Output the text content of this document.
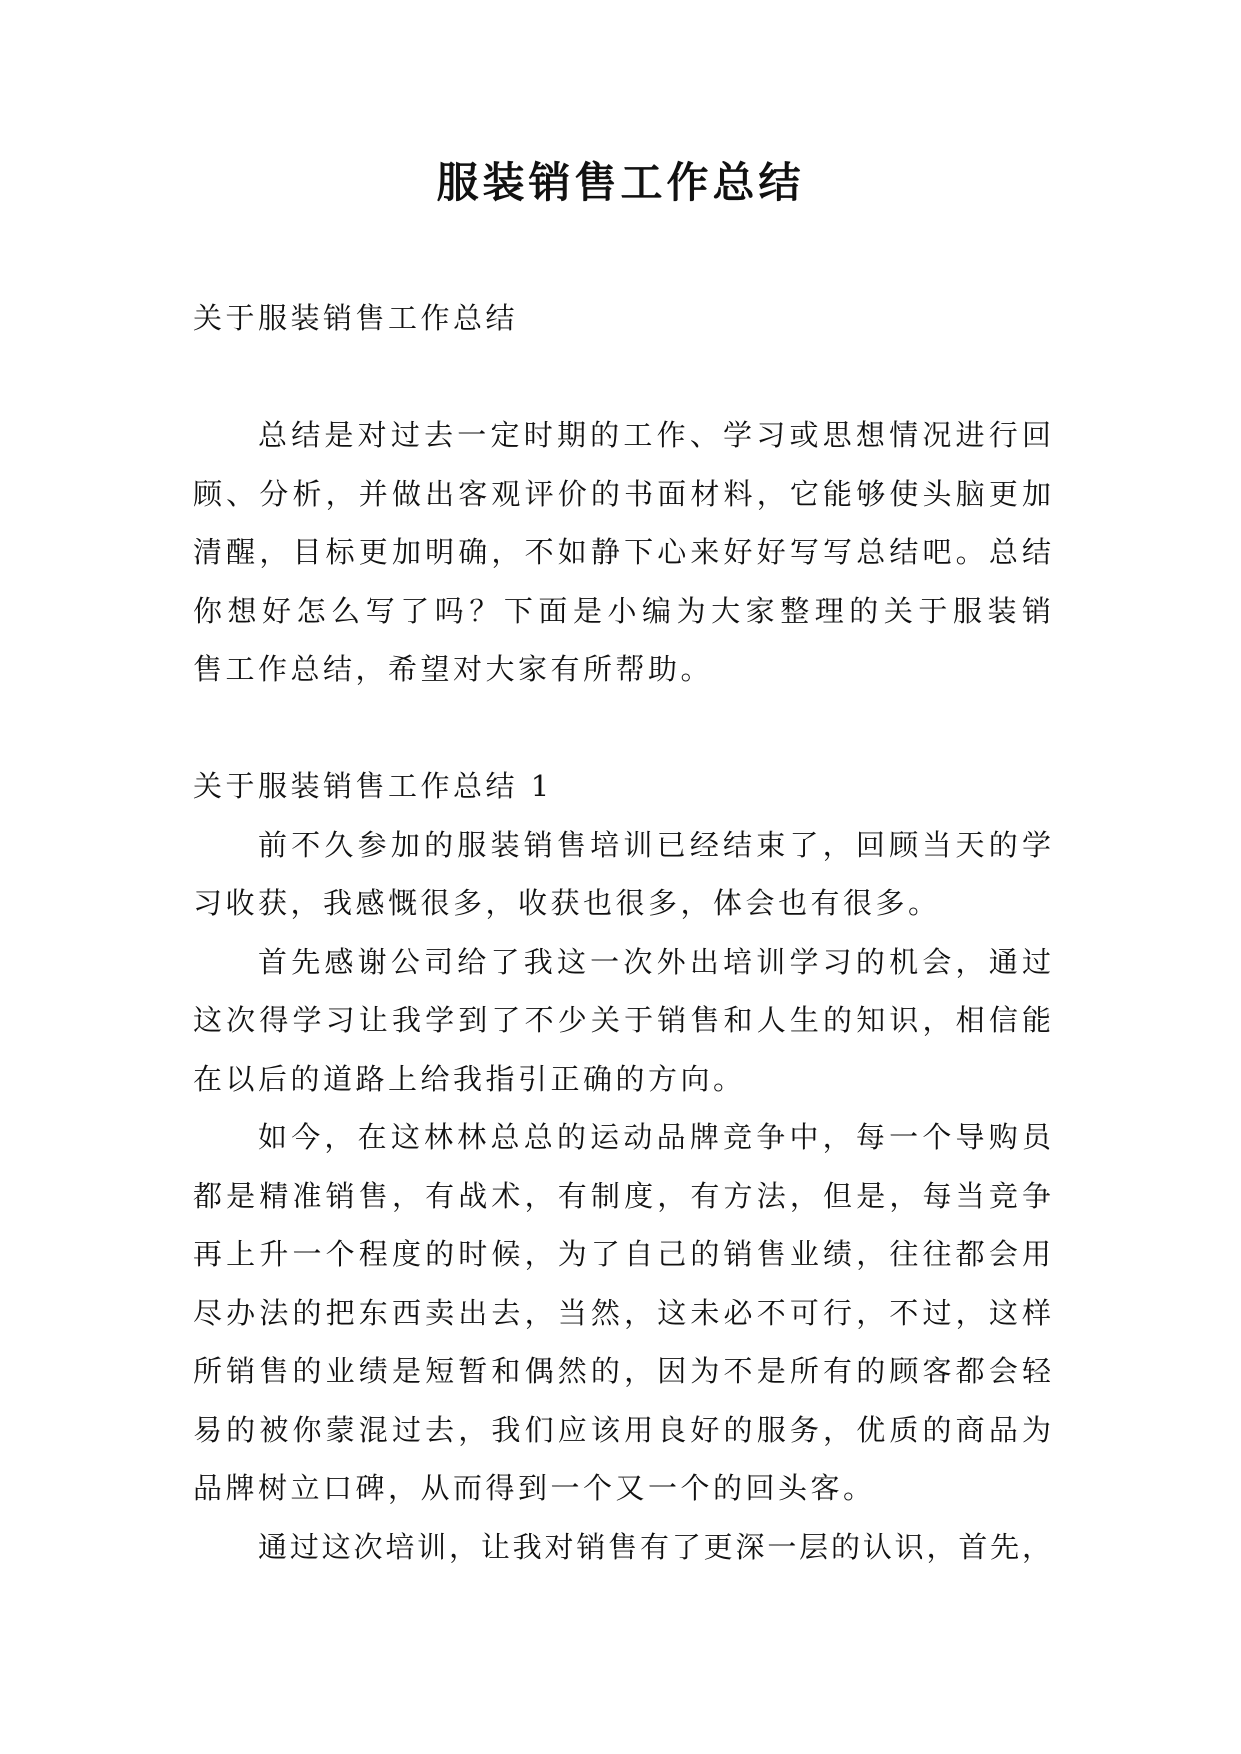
服装销售工作总结
关于服装销售工作总结
总结是对过去一定时期的工作、学习或思想情况进行回
顾、分析，并做出客观评价的书面材料，它能够使头脑更加
清醒，目标更加明确，不如静下心来好好写写总结吧。总结
你想好怎么写了吗？下面是小编为大家整理的关于服装销
售工作总结，希望对大家有所帮助。
关于服装销售工作总结 1
前不久参加的服装销售培训已经结束了，回顾当天的学
习收获，我感慨很多，收获也很多，体会也有很多。
首先感谢公司给了我这一次外出培训学习的机会，通过
这次得学习让我学到了不少关于销售和人生的知识，相信能
在以后的道路上给我指引正确的方向。
如今，在这林林总总的运动品牌竞争中，每一个导购员
都是精准销售，有战术，有制度，有方法，但是，每当竞争
再上升一个程度的时候，为了自己的销售业绩，往往都会用
尽办法的把东西卖出去，当然，这未必不可行，不过，这样
所销售的业绩是短暂和偶然的，因为不是所有的顾客都会轻
易的被你蒙混过去，我们应该用良好的服务，优质的商品为
品牌树立口碑，从而得到一个又一个的回头客。
通过这次培训，让我对销售有了更深一层的认识，首先，
